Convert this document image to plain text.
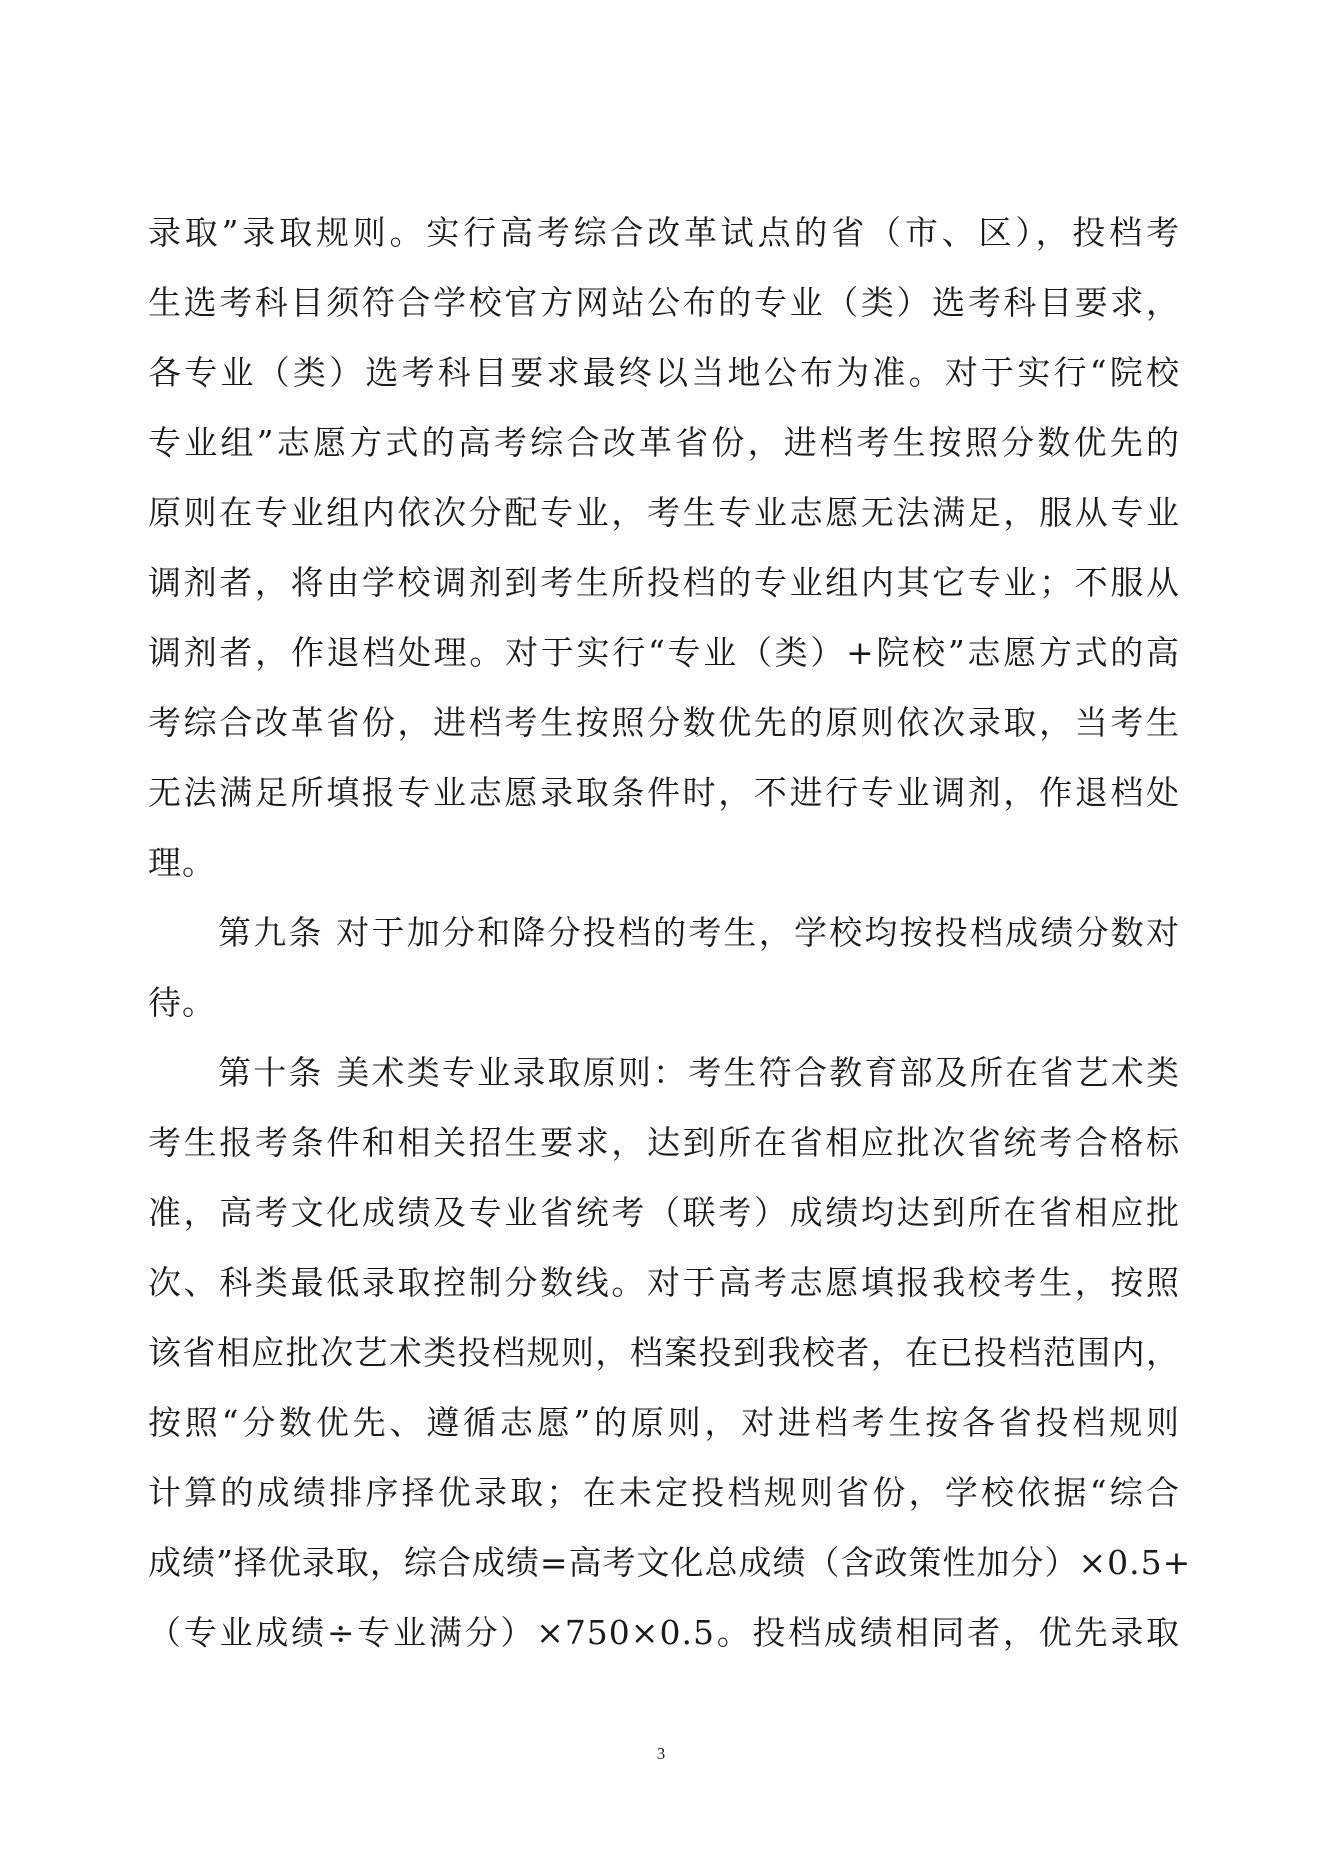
录取”录取规则。实行高考综合改革试点的省（市、区），投档考
生选考科目须符合学校官方网站公布的专业（类）选考科目要求，
各专业（类）选考科目要求最终以当地公布为准。对于实行“院校
专业组”志愿方式的高考综合改革省份，进档考生按照分数优先的
原则在专业组内依次分配专业，考生专业志愿无法满足，服从专业
调剂者，将由学校调剂到考生所投档的专业组内其它专业；不服从
调剂者，作退档处理。对于实行“专业（类）+院校”志愿方式的高
考综合改革省份，进档考生按照分数优先的原则依次录取，当考生
无法满足所填报专业志愿录取条件时，不进行专业调剂，作退档处
理。
第九条 对于加分和降分投档的考生，学校均按投档成绩分数对
待。
第十条 美术类专业录取原则：考生符合教育部及所在省艺术类
考生报考条件和相关招生要求，达到所在省相应批次省统考合格标
准，高考文化成绩及专业省统考（联考）成绩均达到所在省相应批
次、科类最低录取控制分数线。对于高考志愿填报我校考生，按照
该省相应批次艺术类投档规则，档案投到我校者，在已投档范围内，
按照“分数优先、遵循志愿”的原则，对进档考生按各省投档规则
计算的成绩排序择优录取；在未定投档规则省份，学校依据“综合
成绩”择优录取，综合成绩=高考文化总成绩（含政策性加分）×0.5+
（专业成绩÷专业满分）×750×0.5。投档成绩相同者，优先录取
3
